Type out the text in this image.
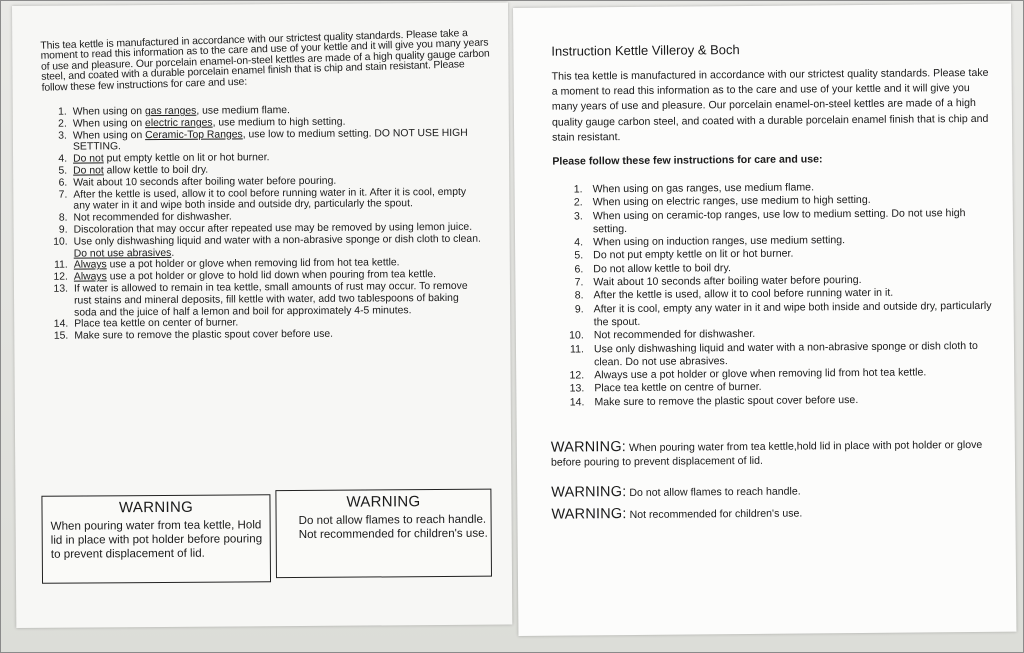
This tea kettle is manufactured in accordance with our strictest quality standards. Please take a moment to read this information as to the care and use of your kettle and it will give you many years of use and pleasure. Our porcelain enamel-on-steel kettles are made of a high quality gauge carbon steel, and coated with a durable porcelain enamel finish that is chip and stain resistant. Please follow these few instructions for care and use:
1. When using on gas ranges, use medium flame.
2. When using on electric ranges, use medium to high setting.
3. When using on Ceramic-Top Ranges, use low to medium setting. DO NOT USE HIGH SETTING.
4. Do not put empty kettle on lit or hot burner.
5. Do not allow kettle to boil dry.
6. Wait about 10 seconds after boiling water before pouring.
7. After the kettle is used, allow it to cool before running water in it. After it is cool, empty any water in it and wipe both inside and outside dry, particularly the spout.
8. Not recommended for dishwasher.
9. Discoloration that may occur after repeated use may be removed by using lemon juice.
10. Use only dishwashing liquid and water with a non-abrasive sponge or dish cloth to clean. Do not use abrasives.
11. Always use a pot holder or glove when removing lid from hot tea kettle.
12. Always use a pot holder or glove to hold lid down when pouring from tea kettle.
13. If water is allowed to remain in tea kettle, small amounts of rust may occur. To remove rust stains and mineral deposits, fill kettle with water, add two tablespoons of baking soda and the juice of half a lemon and boil for approximately 4-5 minutes.
14. Place tea kettle on center of burner.
15. Make sure to remove the plastic spout cover before use.
WARNING
When pouring water from tea kettle, Hold lid in place with pot holder before pouring to prevent displacement of lid.
WARNING
Do not allow flames to reach handle. Not recommended for children's use.
Instruction Kettle Villeroy & Boch
This tea kettle is manufactured in accordance with our strictest quality standards. Please take a moment to read this information as to the care and use of your kettle and it will give you many years of use and pleasure. Our porcelain enamel-on-steel kettles are made of a high quality gauge carbon steel, and coated with a durable porcelain enamel finish that is chip and stain resistant.
Please follow these few instructions for care and use:
1. When using on gas ranges, use medium flame.
2. When using on electric ranges, use medium to high setting.
3. When using on ceramic-top ranges, use low to medium setting. Do not use high setting.
4. When using on induction ranges, use medium setting.
5. Do not put empty kettle on lit or hot burner.
6. Do not allow kettle to boil dry.
7. Wait about 10 seconds after boiling water before pouring.
8. After the kettle is used, allow it to cool before running water in it.
9. After it is cool, empty any water in it and wipe both inside and outside dry, particularly the spout.
10. Not recommended for dishwasher.
11. Use only dishwashing liquid and water with a non-abrasive sponge or dish cloth to clean. Do not use abrasives.
12. Always use a pot holder or glove when removing lid from hot tea kettle.
13. Place tea kettle on centre of burner.
14. Make sure to remove the plastic spout cover before use.
WARNING: When pouring water from tea kettle,hold lid in place with pot holder or glove before pouring to prevent displacement of lid.
WARNING: Do not allow flames to reach handle.
WARNING: Not recommended for children's use.
